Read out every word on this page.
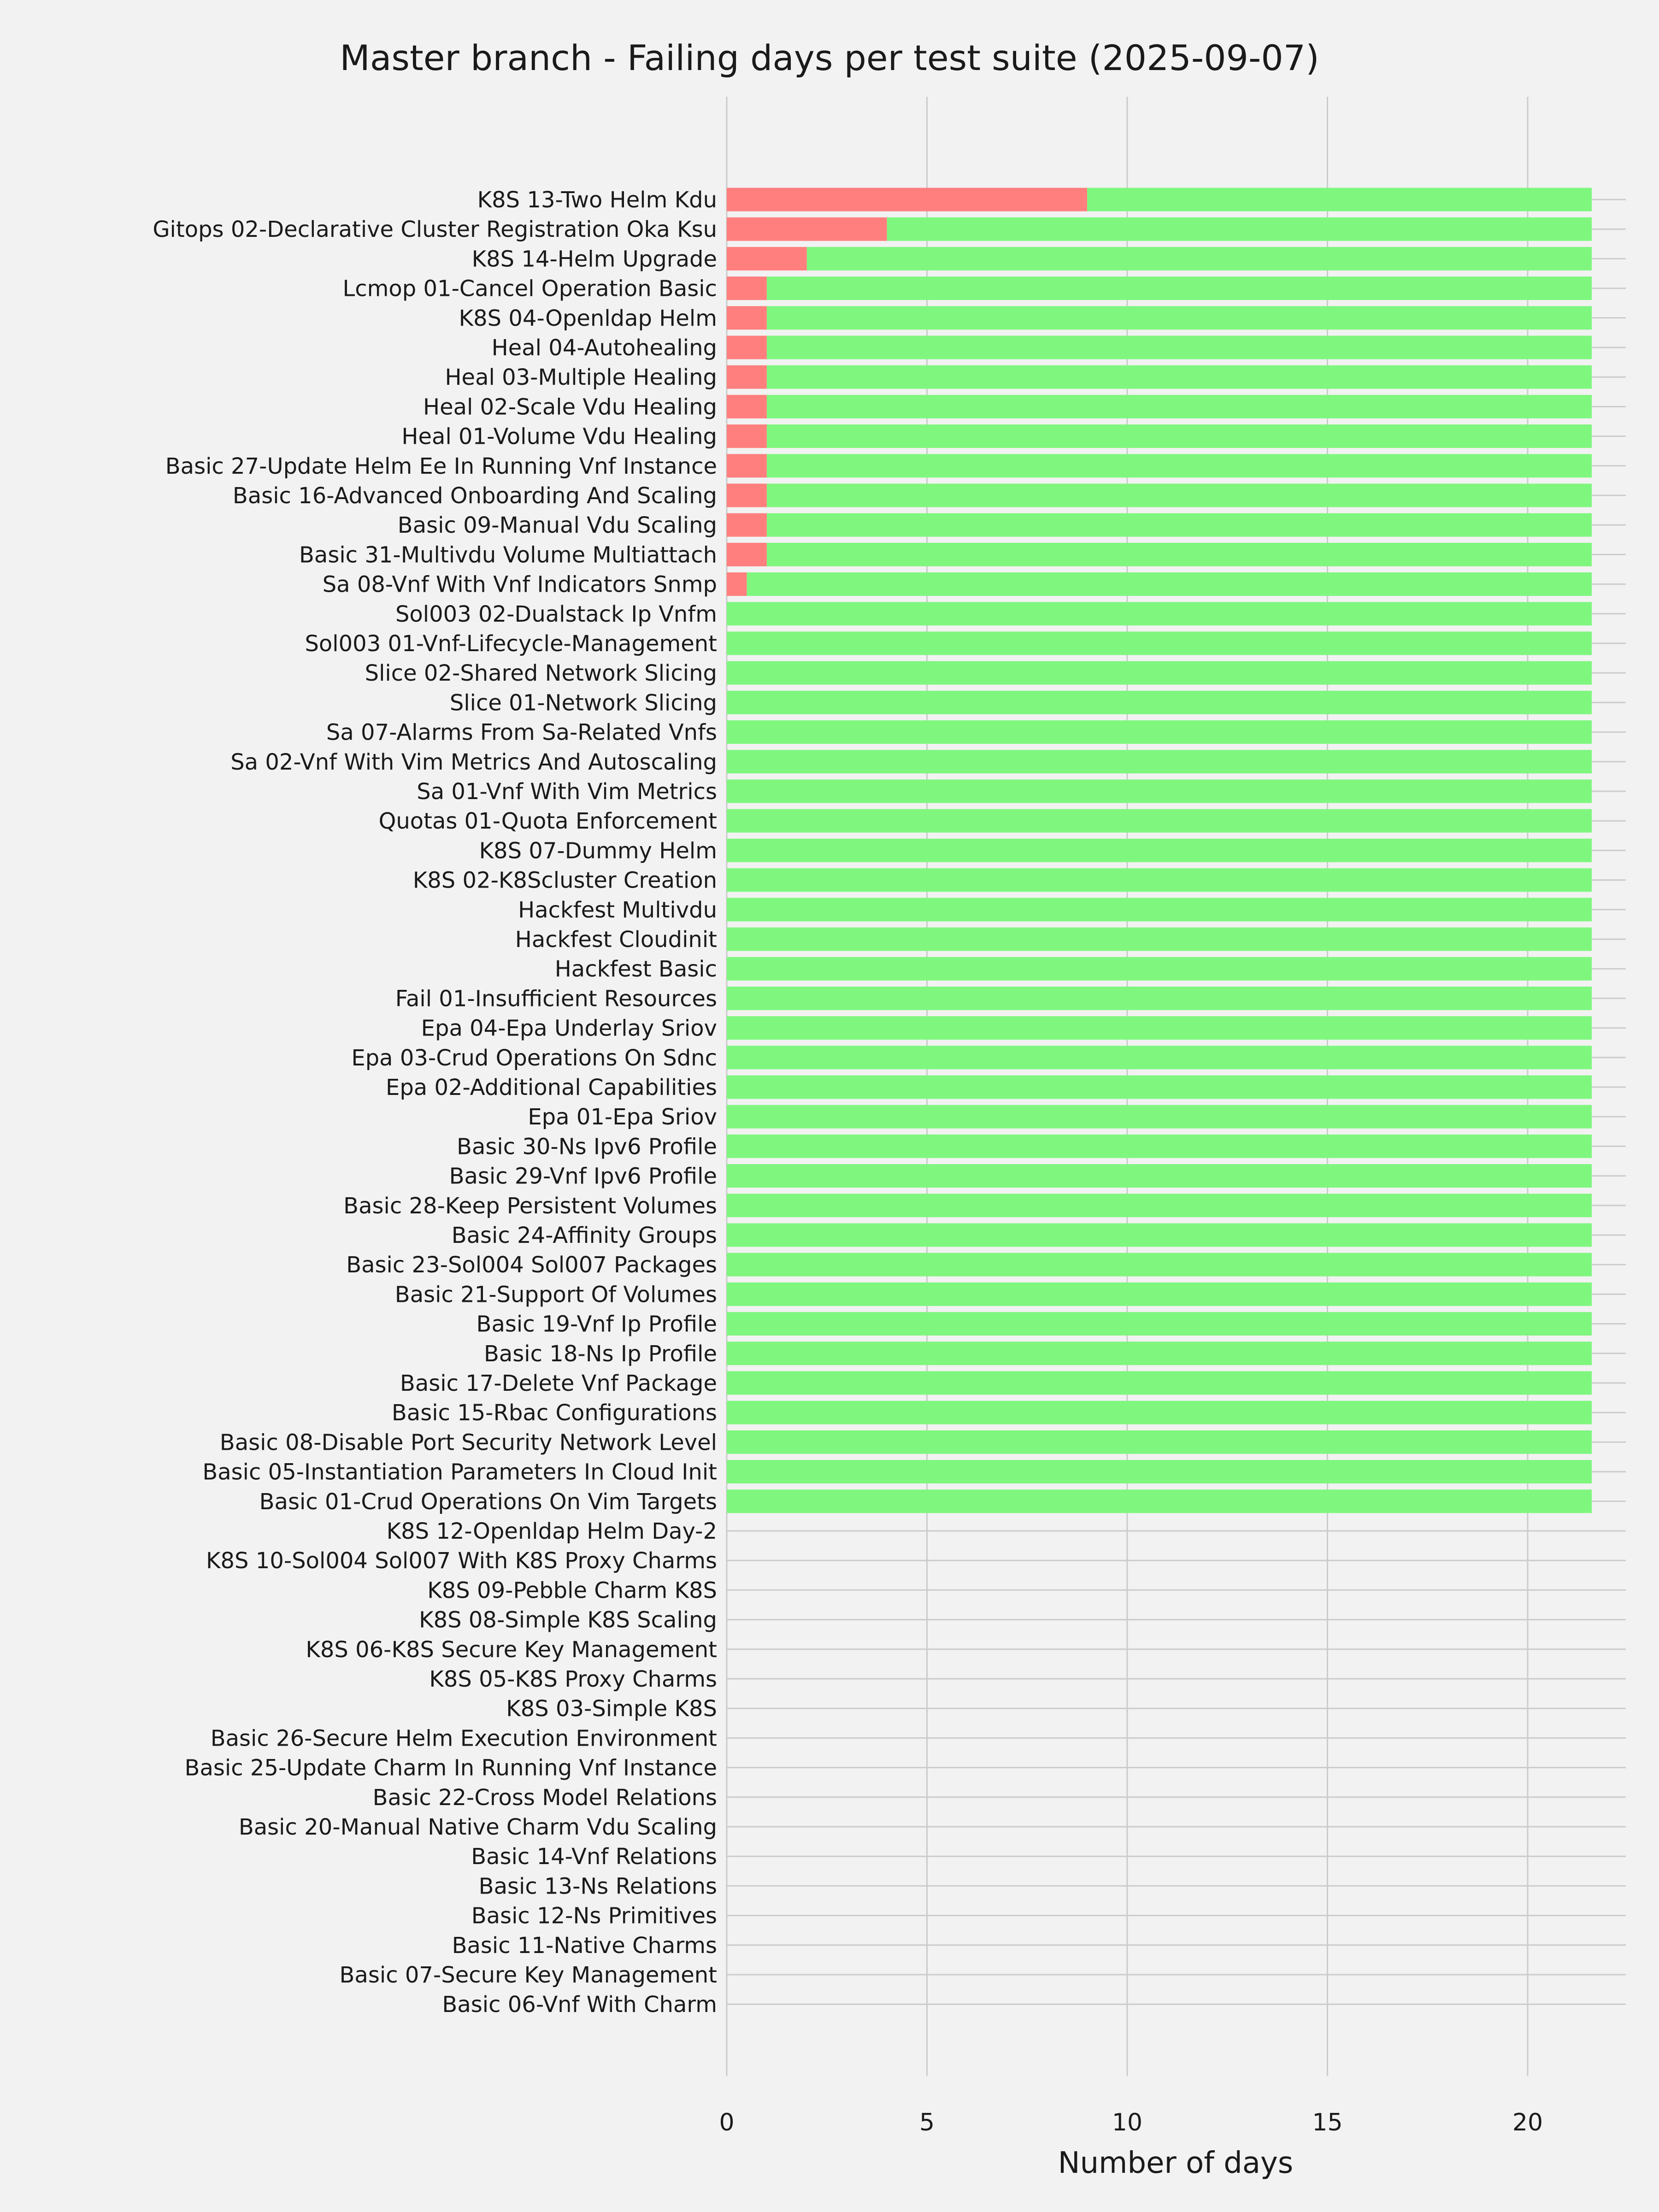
Master branch - Failing days per test suite (2025-09-07)
K8S 13-Two Helm Kdu
Gitops 02-Declarative Cluster Registration Oka Ksu
K8S 14-Helm Upgrade
Lcmop 01-Cancel Operation Basic
K8S 04-Openldap Helm
Heal 04-Autohealing
Heal 03-Multiple Healing
Heal 02-Scale Vdu Healing
Heal 01-Volume Vdu Healing
Basic 27-Update Helm Ee In Running Vnf Instance
Basic 16-Advanced Onboarding And Scaling
Basic 09-Manual Vdu Scaling
Basic 31-Multivdu Volume Multiattach
Sa 08-Vnf With Vnf Indicators Snmp
Sol003 02-Dualstack Ip Vnfm
Sol003 01-Vnf-Lifecycle-Management
Slice 02-Shared Network Slicing
Slice 01-Network Slicing
Sa 07-Alarms From Sa-Related Vnfs
Sa 02-Vnf With Vim Metrics And Autoscaling
Sa 01-Vnf With Vim Metrics
Quotas 01-Quota Enforcement
K8S 07-Dummy Helm
K8S 02-K8Scluster Creation
Hackfest Multivdu
Hackfest Cloudinit
Hackfest Basic
Fail 01-Insufficient Resources
Epa 04-Epa Underlay Sriov
Epa 03-Crud Operations On Sdnc
Epa 02-Additional Capabilities
Epa 01-Epa Sriov
Basic 30-Ns Ipv6 Profile
Basic 29-Vnf Ipv6 Profile
Basic 28-Keep Persistent Volumes
Basic 24-Affinity Groups
Basic 23-Sol004 Sol007 Packages
Basic 21-Support Of Volumes
Basic 19-Vnf Ip Profile
Basic 18-Ns Ip Profile
Basic 17-Delete Vnf Package
Basic 15-Rbac Configurations
Basic 08-Disable Port Security Network Level
Basic 05-Instantiation Parameters In Cloud Init
Basic 01-Crud Operations On Vim Targets
K8S 12-Openldap Helm Day-2
K8S 10-Sol004 Sol007 With K8S Proxy Charms
K8S 09-Pebble Charm K8S
K8S 08-Simple K8S Scaling
K8S 06-K8S Secure Key Management
K8S 05-K8S Proxy Charms
K8S 03-Simple K8S
Basic 26-Secure Helm Execution Environment
Basic 25-Update Charm In Running Vnf Instance
Basic 22-Cross Model Relations
Basic 20-Manual Native Charm Vdu Scaling
Basic 14-Vnf Relations
Basic 13-Ns Relations
Basic 12-Ns Primitives
Basic 11-Native Charms
Basic 07-Secure Key Management
Basic 06-Vnf With Charm
0	5	10	15	20
Number of days
